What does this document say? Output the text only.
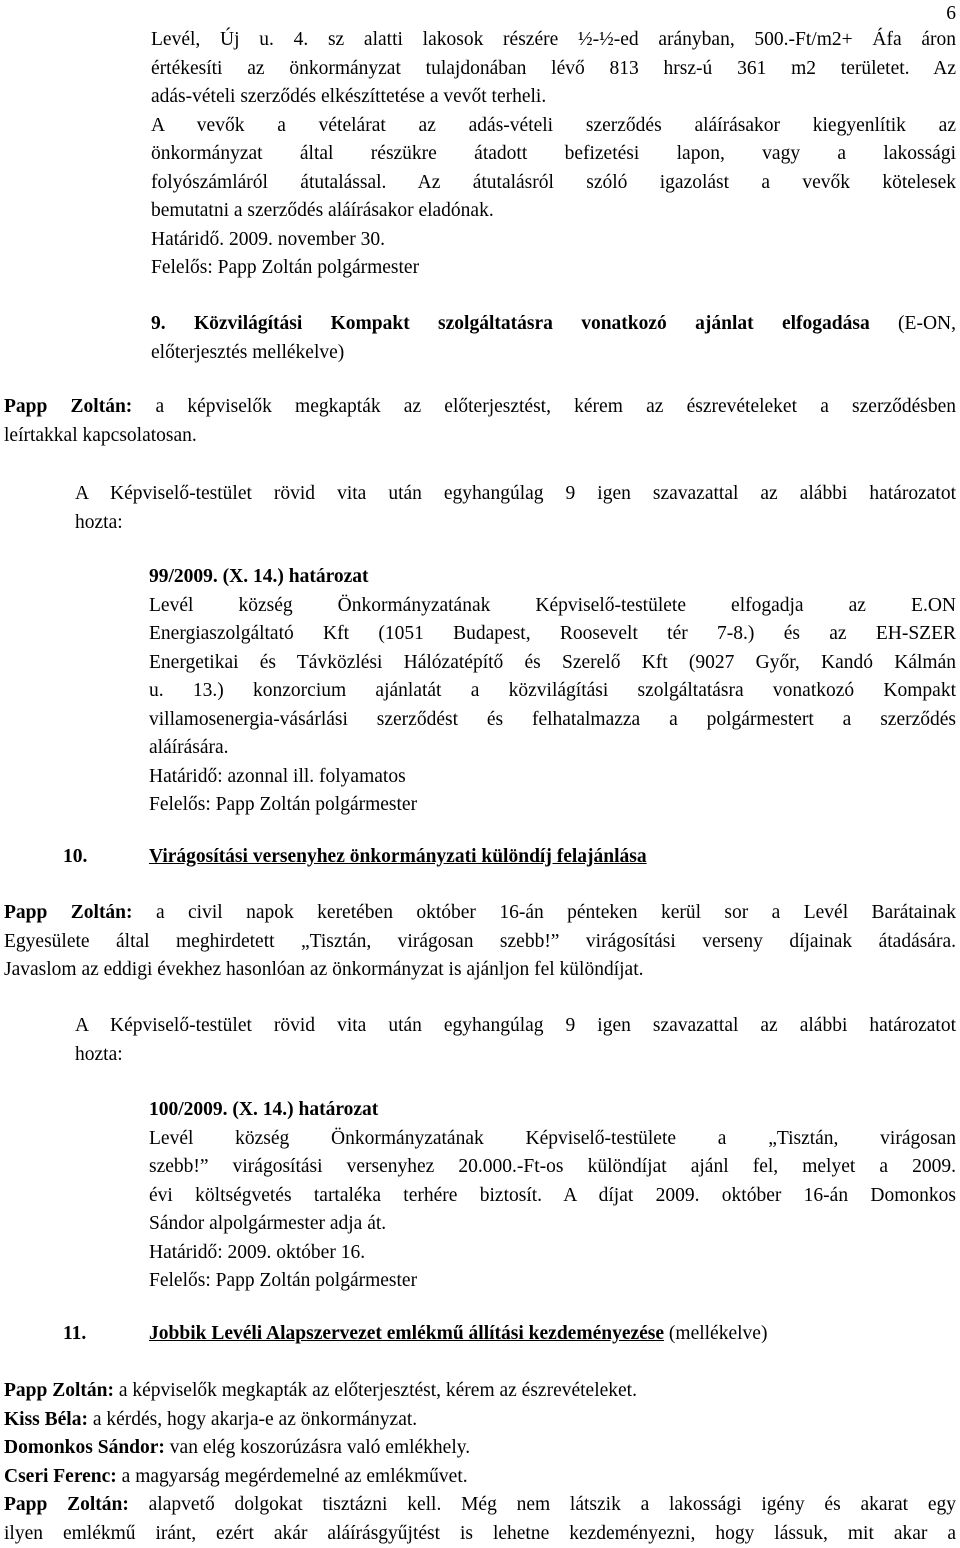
6
Levél, Új u. 4. sz alatti lakosok részére ½-½-ed arányban, 500.-Ft/m2+ Áfa áron
értékesíti az önkormányzat tulajdonában lévő 813 hrsz-ú 361 m2 területet. Az
adás-vételi szerződés elkészíttetése a vevőt terheli.
A vevők a vételárat az adás-vételi szerződés aláírásakor kiegyenlítik az
önkormányzat által részükre átadott befizetési lapon, vagy a lakossági
folyószámláról átutalással. Az átutalásról szóló igazolást a vevők kötelesek
bemutatni a szerződés aláírásakor eladónak.
Határidő. 2009. november 30.
Felelős: Papp Zoltán polgármester
9. Közvilágítási Kompakt szolgáltatásra vonatkozó ajánlat elfogadása (E-ON,
előterjesztés mellékelve)
Papp Zoltán: a képviselők megkapták az előterjesztést, kérem az észrevételeket a szerződésben
leírtakkal kapcsolatosan.
A Képviselő-testület rövid vita után egyhangúlag 9 igen szavazattal az alábbi határozatot
hozta:
99/2009. (X. 14.) határozat
Levél község Önkormányzatának Képviselő-testülete elfogadja az E.ON
Energiaszolgáltató Kft (1051 Budapest, Roosevelt tér 7-8.) és az EH-SZER
Energetikai és Távközlési Hálózatépítő és Szerelő Kft (9027 Győr, Kandó Kálmán
u. 13.) konzorcium ajánlatát a közvilágítási szolgáltatásra vonatkozó Kompakt
villamosenergia-vásárlási szerződést és felhatalmazza a polgármestert a szerződés
aláírására.
Határidő: azonnal ill. folyamatos
Felelős: Papp Zoltán polgármester
10.	Virágosítási versenyhez önkormányzati különdíj felajánlása
Papp Zoltán: a civil napok keretében október 16-án pénteken kerül sor a Levél Barátainak
Egyesülete által meghirdetett „Tisztán, virágosan szebb!” virágosítási verseny díjainak átadására.
Javaslom az eddigi évekhez hasonlóan az önkormányzat is ajánljon fel különdíjat.
A Képviselő-testület rövid vita után egyhangúlag 9 igen szavazattal az alábbi határozatot
hozta:
100/2009. (X. 14.) határozat
Levél község Önkormányzatának Képviselő-testülete a „Tisztán, virágosan
szebb!” virágosítási versenyhez 20.000.-Ft-os különdíjat ajánl fel, melyet a 2009.
évi költségvetés tartaléka terhére biztosít. A díjat 2009. október 16-án Domonkos
Sándor alpolgármester adja át.
Határidő: 2009. október 16.
Felelős: Papp Zoltán polgármester
11.	Jobbik Levéli Alapszervezet emlékmű állítási kezdeményezése (mellékelve)
Papp Zoltán: a képviselők megkapták az előterjesztést, kérem az észrevételeket.
Kiss Béla: a kérdés, hogy akarja-e az önkormányzat.
Domonkos Sándor: van elég koszorúzásra való emlékhely.
Cseri Ferenc: a magyarság megérdemelné az emlékművet.
Papp Zoltán: alapvető dolgokat tisztázni kell. Még nem látszik a lakossági igény és akarat egy
ilyen emlékmű iránt, ezért akár aláírásgyűjtést is lehetne kezdeményezni, hogy lássuk, mit akar a
